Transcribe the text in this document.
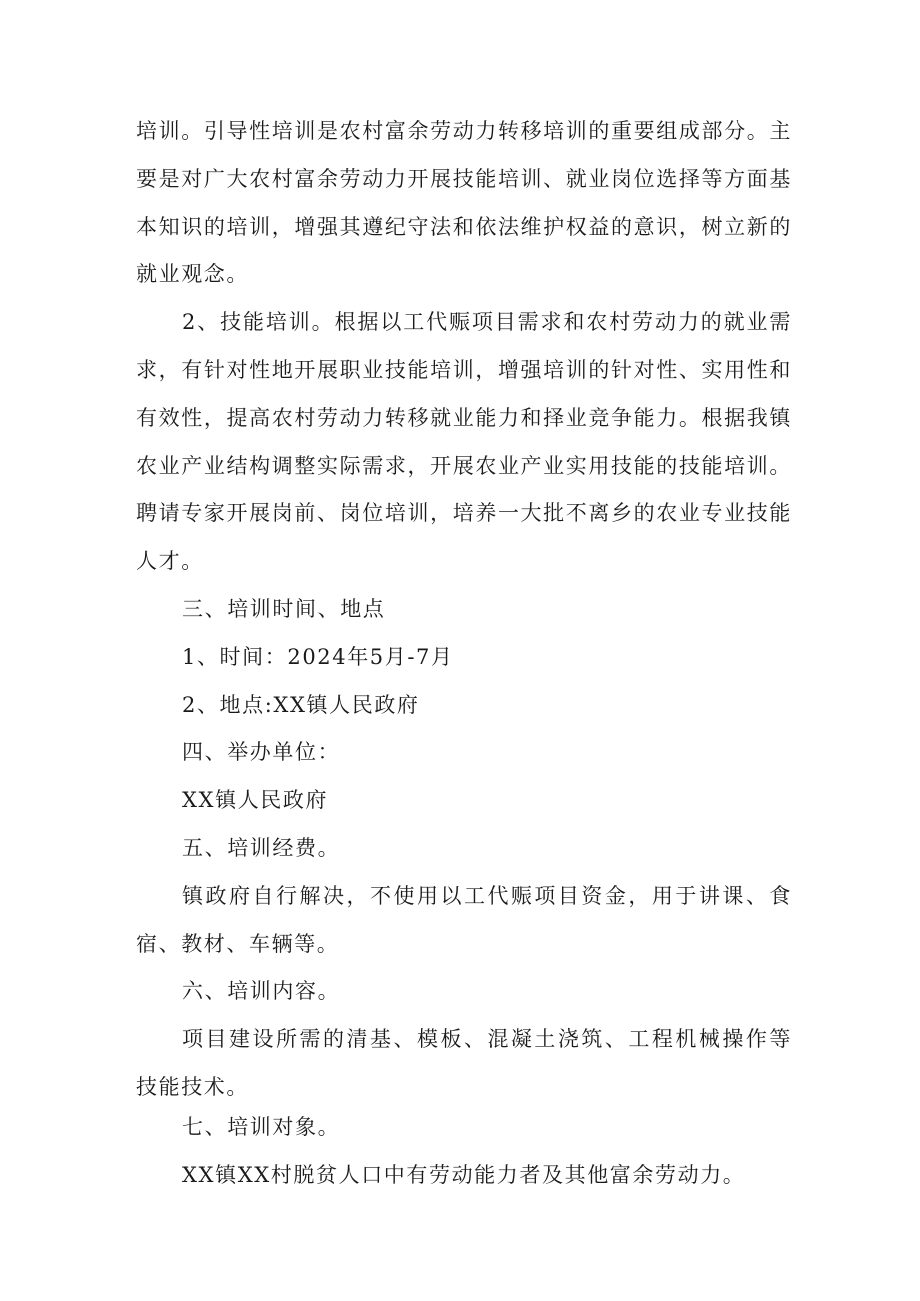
培训。引导性培训是农村富余劳动力转移培训的重要组成部分。主要是对广大农村富余劳动力开展技能培训、就业岗位选择等方面基本知识的培训，增强其遵纪守法和依法维护权益的意识，树立新的就业观念。

2、技能培训。根据以工代赈项目需求和农村劳动力的就业需求，有针对性地开展职业技能培训，增强培训的针对性、实用性和有效性，提高农村劳动力转移就业能力和择业竞争能力。根据我镇农业产业结构调整实际需求，开展农业产业实用技能的技能培训。聘请专家开展岗前、岗位培训，培养一大批不离乡的农业专业技能人才。

三、培训时间、地点

1、时间：2024年5月-7月

2、地点:XX镇人民政府

四、举办单位：

XX镇人民政府

五、培训经费。

镇政府自行解决，不使用以工代赈项目资金，用于讲课、食宿、教材、车辆等。

六、培训内容。

项目建设所需的清基、模板、混凝土浇筑、工程机械操作等技能技术。

七、培训对象。

XX镇XX村脱贫人口中有劳动能力者及其他富余劳动力。
